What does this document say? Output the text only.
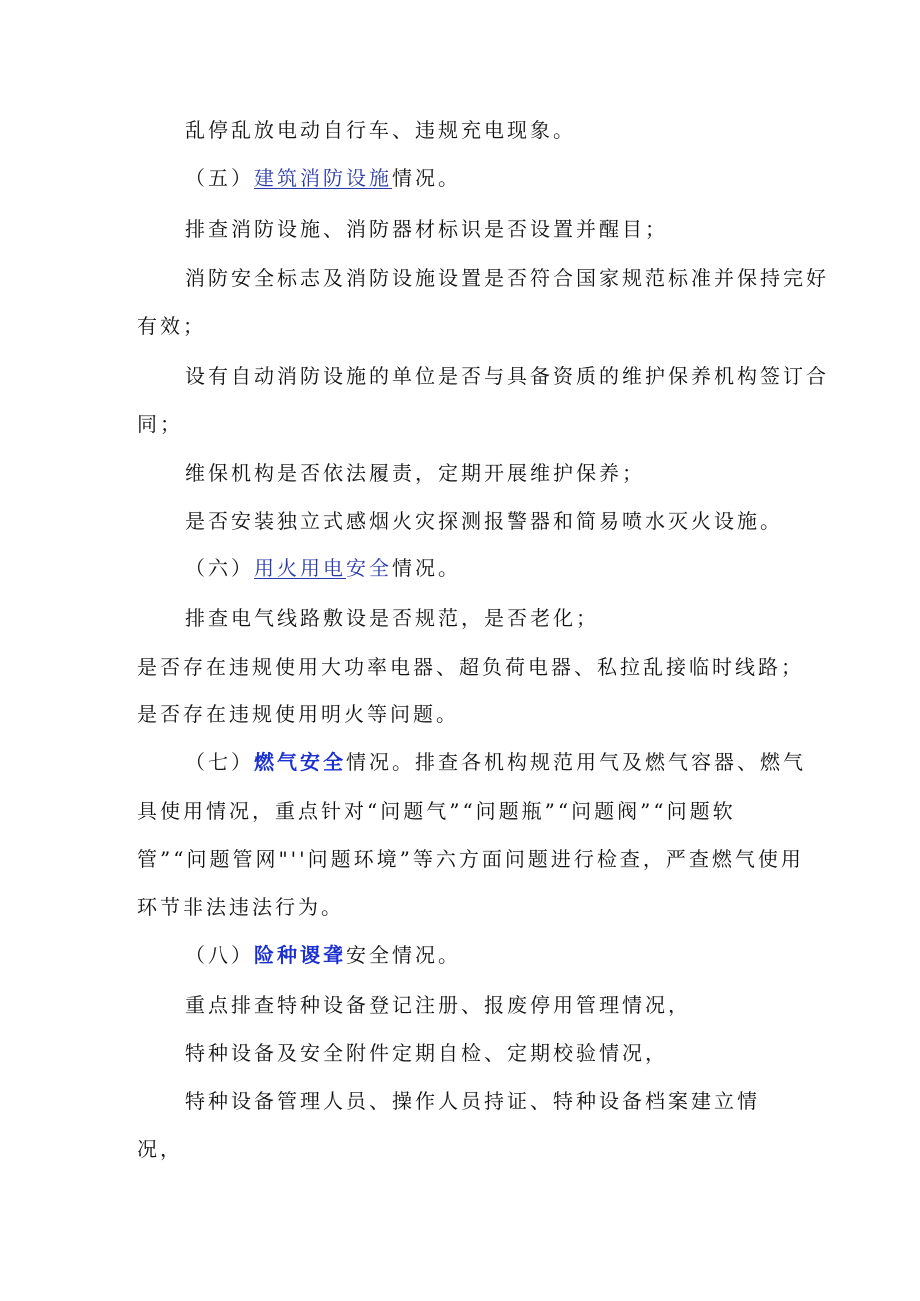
乱停乱放电动自行车、违规充电现象。
（五）建筑消防设施情况。
排查消防设施、消防器材标识是否设置并醒目；
消防安全标志及消防设施设置是否符合国家规范标准并保持完好
有效；
设有自动消防设施的单位是否与具备资质的维护保养机构签订合
同；
维保机构是否依法履责，定期开展维护保养；
是否安装独立式感烟火灾探测报警器和简易喷水灭火设施。
（六）用火用电安全情况。
排查电气线路敷设是否规范，是否老化；
是否存在违规使用大功率电器、超负荷电器、私拉乱接临时线路；
是否存在违规使用明火等问题。
（七）燃气安全情况。排查各机构规范用气及燃气容器、燃气
具使用情况，重点针对“问题气”“问题瓶”“问题阀”“问题软
管”“问题管网"''问题环境”等六方面问题进行检查，严查燃气使用
环节非法违法行为。
（八）险种谡聋安全情况。
重点排查特种设备登记注册、报废停用管理情况，
特种设备及安全附件定期自检、定期校验情况，
特种设备管理人员、操作人员持证、特种设备档案建立情
况，
